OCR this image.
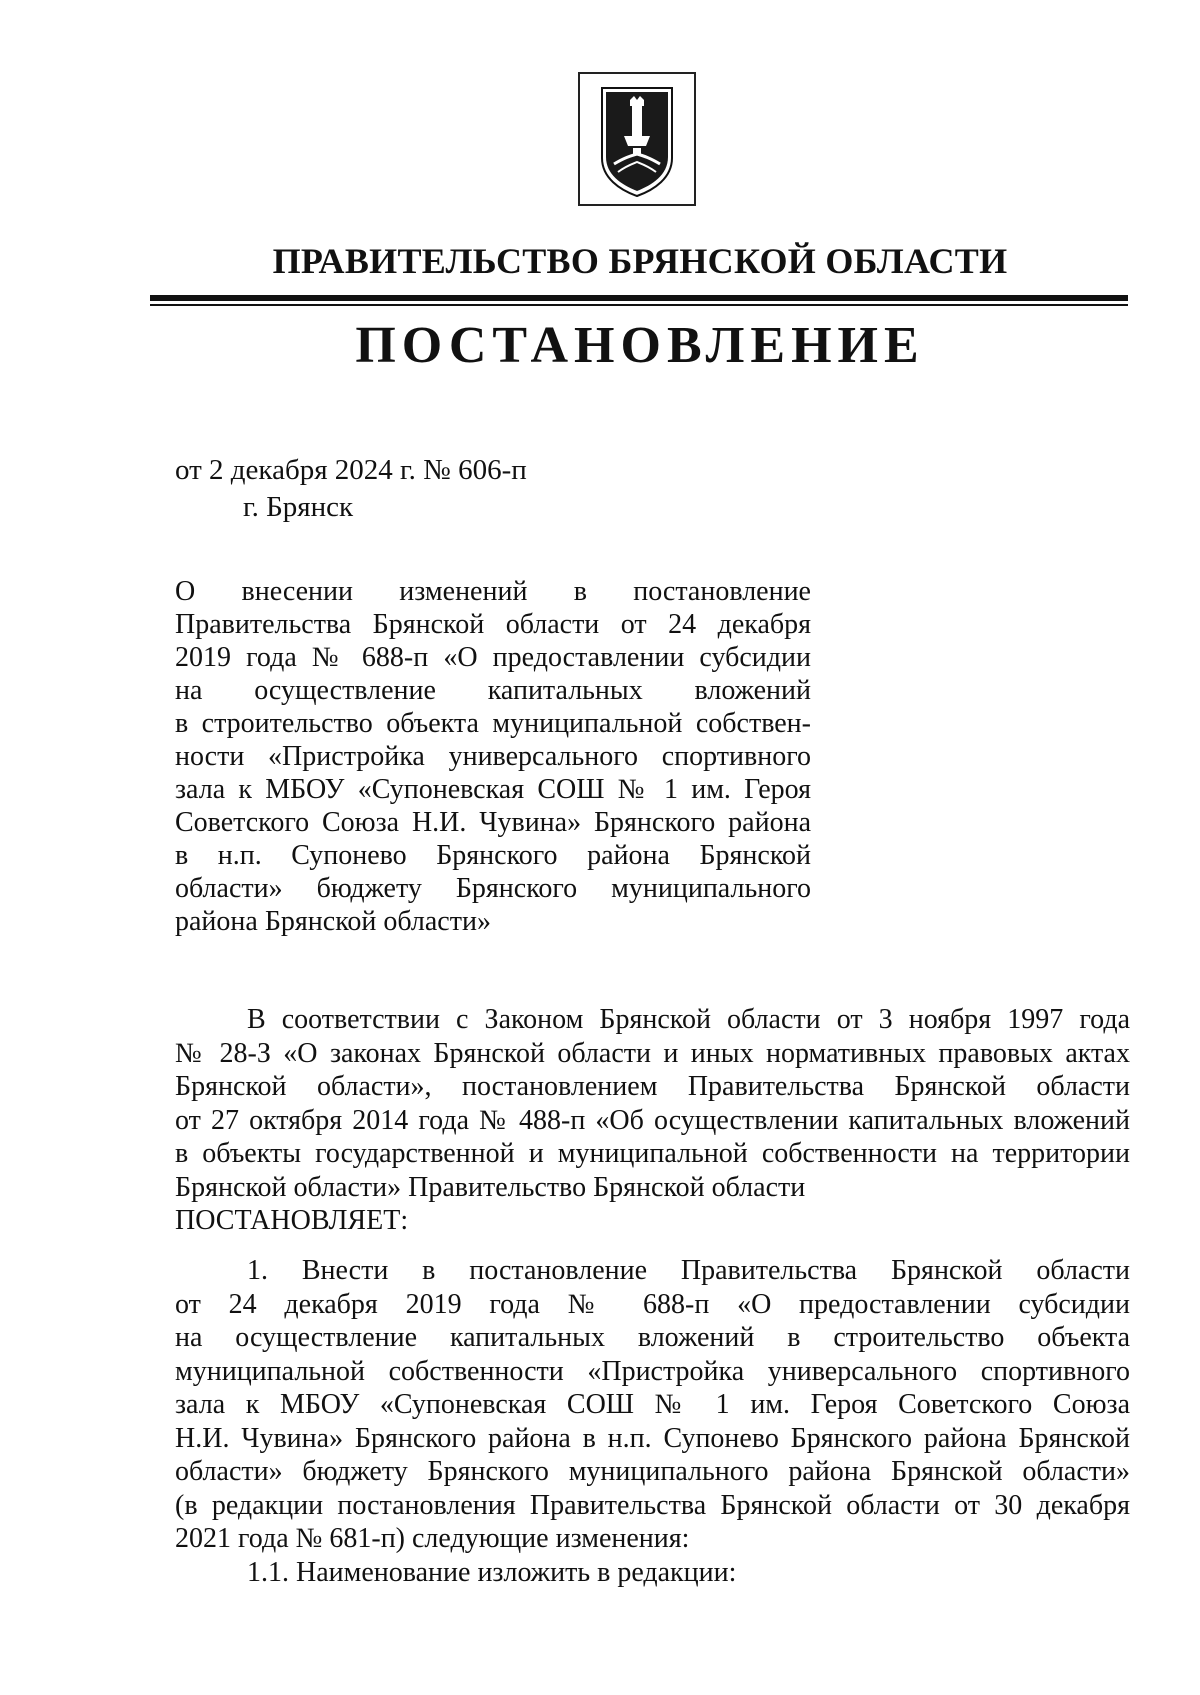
ПРАВИТЕЛЬСТВО БРЯНСКОЙ ОБЛАСТИ
ПОСТАНОВЛЕНИЕ
от 2 декабря 2024 г. № 606-п
г. Брянск
О внесении изменений в постановление
Правительства Брянской области от 24 декабря
2019 года № 688-п «О предоставлении субсидии
на осуществление капитальных вложений
в строительство объекта муниципальной собствен-
ности «Пристройка универсального спортивного
зала к МБОУ «Супоневская СОШ № 1 им. Героя
Советского Союза Н.И. Чувина» Брянского района
в н.п. Супонево Брянского района Брянской
области» бюджету Брянского муниципального
района Брянской области»
В соответствии с Законом Брянской области от 3 ноября 1997 года
№ 28-З «О законах Брянской области и иных нормативных правовых актах
Брянской области», постановлением Правительства Брянской области
от 27 октября 2014 года № 488-п «Об осуществлении капитальных вложений
в объекты государственной и муниципальной собственности на территории
Брянской области» Правительство Брянской области
ПОСТАНОВЛЯЕТ:
1. Внести в постановление Правительства Брянской области
от 24 декабря 2019 года № 688-п «О предоставлении субсидии
на осуществление капитальных вложений в строительство объекта
муниципальной собственности «Пристройка универсального спортивного
зала к МБОУ «Супоневская СОШ № 1 им. Героя Советского Союза
Н.И. Чувина» Брянского района в н.п. Супонево Брянского района Брянской
области» бюджету Брянского муниципального района Брянской области»
(в редакции постановления Правительства Брянской области от 30 декабря
2021 года № 681-п) следующие изменения:
1.1. Наименование изложить в редакции:
